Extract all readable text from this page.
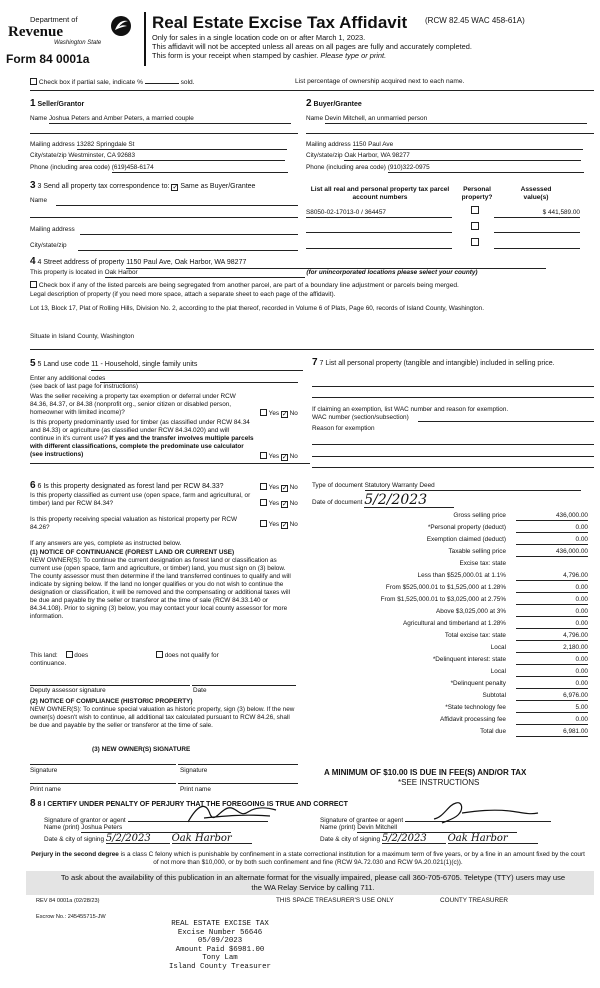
Department of
Revenue
Washington State
Form 84 0001a
Real Estate Excise Tax Affidavit (RCW 82.45 WAC 458-61A)
Only for sales in a single location code on or after March 1, 2023.
This affidavit will not be accepted unless all areas on all pages are fully and accurately completed.
This form is your receipt when stamped by cashier. Please type or print.
Check box if partial sale, indicate %	sold.	List percentage of ownership acquired next to each name.
1 Seller/Grantor
Name Joshua Peters and Amber Peters, a married couple
Mailing address 13282 Springdale St
City/state/zip Westminster, CA 92683
Phone (including area code) (619)458-6174
2 Buyer/Grantee
Name Devin Mitchell, an unmarried person
Mailing address 1150 Paul Ave
City/state/zip Oak Harbor, WA 98277
Phone (including area code) (910)322-0975
3 3 Send all property tax correspondence to: ✓ Same as Buyer/Grantee
Name
Mailing address
City/state/zip
List all real and personal property tax parcel account numbers
Personal property?
Assessed value(s)
S8050-02-17013-0 / 364457	$ 441,589.00
4 4 Street address of property 1150 Paul Ave, Oak Harbor, WA 98277
This property is located in Oak Harbor	(for unincorporated locations please select your county)
Check box if any of the listed parcels are being segregated from another parcel, are part of a boundary line adjustment or parcels being merged.
Legal description of property (if you need more space, attach a separate sheet to each page of the affidavit).
Lot 13, Block 17, Plat of Rolling Hills, Division No. 2, according to the plat thereof, recorded in Volume 6 of Plats, Page 60, records of Island County, Washington.
Situate in Island County, Washington
5 5 Land use code 11 - Household, single family units
Enter any additional codes
(see back of last page for instructions)
Was the seller receiving a property tax exemption or deferral under RCW 84.36, 84.37, or 84.38 (nonprofit org., senior citizen or disabled person, homeowner with limited income)?	Yes ✓ No
Is this property predominantly used for timber (as classified under RCW 84.34 and 84.33) or agriculture (as classified under RCW 84.34.020) and will continue in it's current use? If yes and the transfer involves multiple parcels with different classifications, complete the predominate use calculator (see instructions)	Yes ✓ No
7 7 List all personal property (tangible and intangible) included in selling price.
If claiming an exemption, list WAC number and reason for exemption.
WAC number (section/subsection)
Reason for exemption
Type of document Statutory Warranty Deed
Date of document 5/2/2023
6 6 Is this property designated as forest land per RCW 84.33?	Yes ✓ No
Is this property classified as current use (open space, farm and agricultural, or timber) land per RCW 84.34?	Yes ✓ No
Is this property receiving special valuation as historical property per RCW 84.26?	Yes ✓ No
If any answers are yes, complete as instructed below.
(1) NOTICE OF CONTINUANCE (FOREST LAND OR CURRENT USE)
NEW OWNER(S): To continue the current designation as forest land or classification as current use (open space, farm and agriculture, or timber) land, you must sign on (3) below. The county assessor must then determine if the land transferred continues to qualify and will indicate by signing below. If the land no longer qualifies or you do not wish to continue the designation or classification, it will be removed and the compensating or additional taxes will be due and payable by the seller or transferor at the time of sale (RCW 84.33.140 or 84.34.108). Prior to signing (3) below, you may contact your local county assessor for more information.
This land:	does	does not qualify for
continuance.
Deputy assessor signature	Date
(2) NOTICE OF COMPLIANCE (HISTORIC PROPERTY)
NEW OWNER(S): To continue special valuation as historic property, sign (3) below. If the new owner(s) doesn't wish to continue, all additional tax calculated pursuant to RCW 84.26, shall be due and payable by the seller or transferor at the time of sale.
(3) NEW OWNER(S) SIGNATURE
Signature	Signature
Print name	Print name
Gross selling price	436,000.00
*Personal property (deduct)	0.00
Exemption claimed (deduct)	0.00
Taxable selling price	436,000.00
Excise tax: state
Less than $525,000.01 at 1.1%	4,796.00
From $525,000.01 to $1,525,000 at 1.28%	0.00
From $1,525,000.01 to $3,025,000 at 2.75%	0.00
Above $3,025,000 at 3%	0.00
Agricultural and timberland at 1.28%	0.00
Total excise tax: state	4,796.00
Local	2,180.00
*Delinquent interest: state	0.00
Local	0.00
*Delinquent penalty	0.00
Subtotal	6,976.00
*State technology fee	5.00
Affidavit processing fee	0.00
Total due	6,981.00
A MINIMUM OF $10.00 IS DUE IN FEE(S) AND/OR TAX
*SEE INSTRUCTIONS
8 8 I CERTIFY UNDER PENALTY OF PERJURY THAT THE FOREGOING IS TRUE AND CORRECT
Signature of grantor or agent
Name (print) Joshua Peters
Date & city of signing 5/2/2023 Oak Harbor
Signature of grantee or agent
Name (print) Devin Mitchell
Date & city of signing 5/2/2023 Oak Harbor
Perjury in the second degree is a class C felony which is punishable by confinement in a state correctional institution for a maximum term of five years, or by a fine in an amount fixed by the court of not more than $10,000, or by both such confinement and fine (RCW 9A.72.030 and RCW 9A.20.021(1)(c)).
To ask about the availability of this publication in an alternate format for the visually impaired, please call 360-705-6705. Teletype (TTY) users may use the WA Relay Service by calling 711.
REV 84 0001a (02/28/23)	THIS SPACE TREASURER'S USE ONLY	COUNTY TREASURER
Escrow No.: 245455715-JW
REAL ESTATE EXCISE TAX
Excise Number 56646
05/09/2023
Amount Paid $6981.00
Tony Lam
Island County Treasurer
